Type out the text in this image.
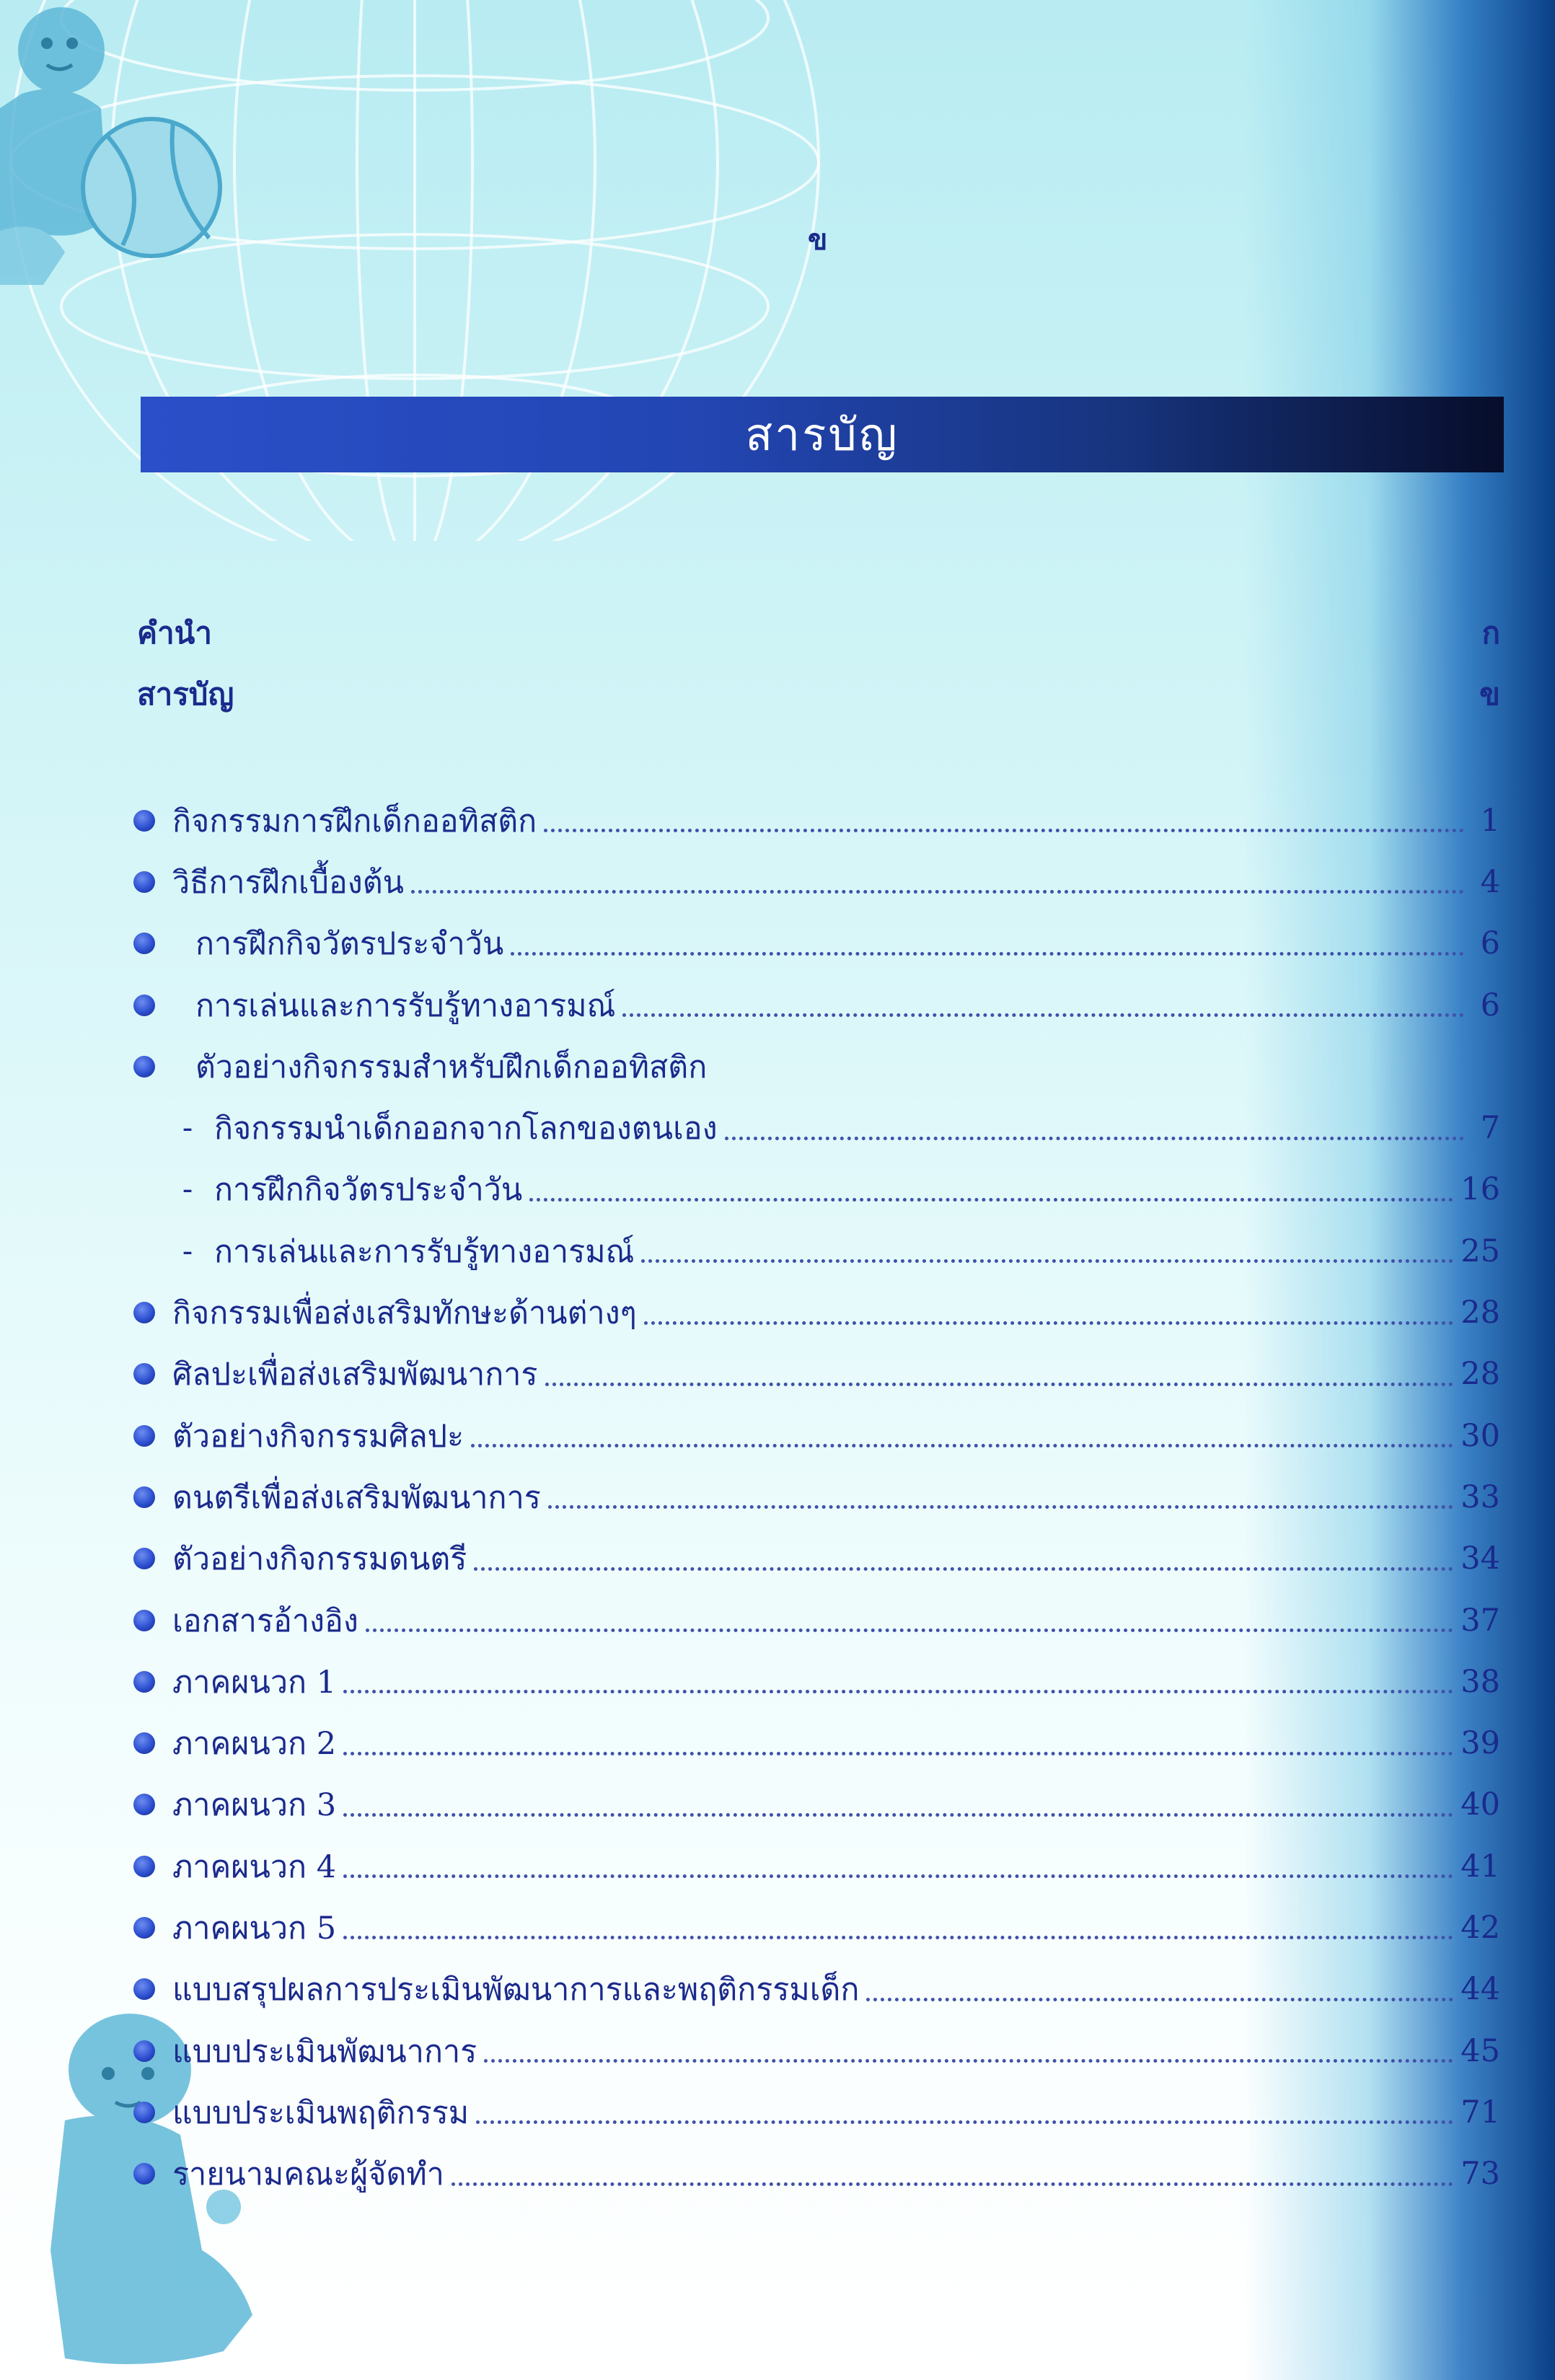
ข
สารบัญ
คำนำ	ก
สารบัญ	ข
กิจกรรมการฝึกเด็กออทิสติก	1
วิธีการฝึกเบื้องต้น	4
การฝึกกิจวัตรประจำวัน	6
การเล่นและการรับรู้ทางอารมณ์	6
ตัวอย่างกิจกรรมสำหรับฝึกเด็กออทิสติก
- กิจกรรมนำเด็กออกจากโลกของตนเอง	7
- การฝึกกิจวัตรประจำวัน	16
- การเล่นและการรับรู้ทางอารมณ์	25
กิจกรรมเพื่อส่งเสริมทักษะด้านต่างๆ	28
ศิลปะเพื่อส่งเสริมพัฒนาการ	28
ตัวอย่างกิจกรรมศิลปะ	30
ดนตรีเพื่อส่งเสริมพัฒนาการ	33
ตัวอย่างกิจกรรมดนตรี	34
เอกสารอ้างอิง	37
ภาคผนวก 1	38
ภาคผนวก 2	39
ภาคผนวก 3	40
ภาคผนวก 4	41
ภาคผนวก 5	42
แบบสรุปผลการประเมินพัฒนาการและพฤติกรรมเด็ก	44
แบบประเมินพัฒนาการ	45
แบบประเมินพฤติกรรม	71
รายนามคณะผู้จัดทำ	73
